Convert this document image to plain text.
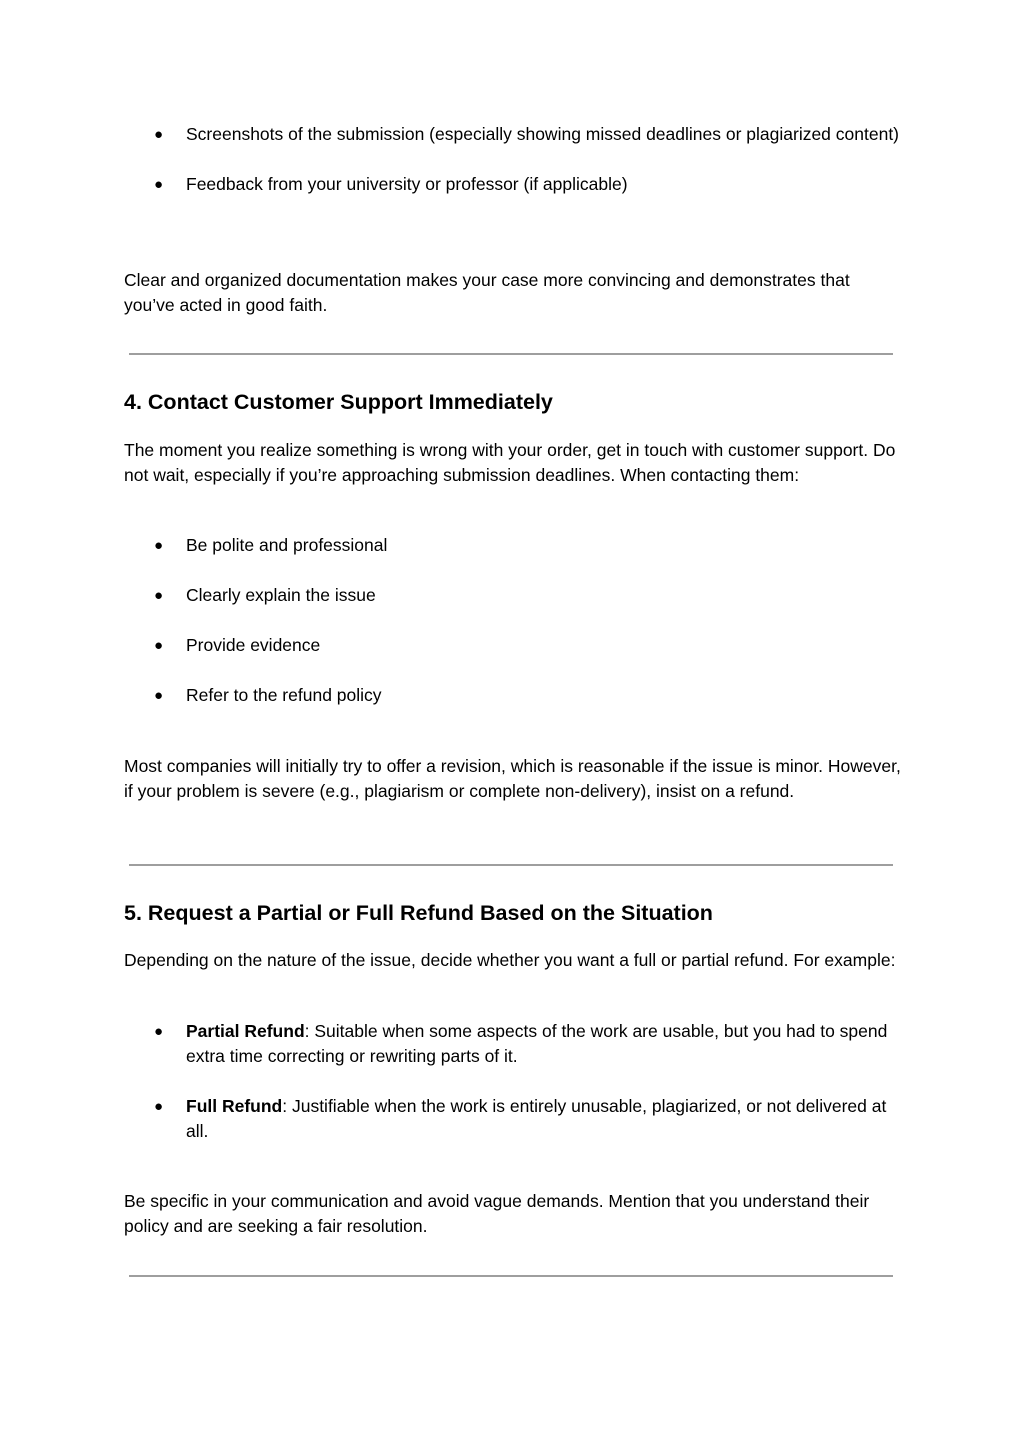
● Screenshots of the submission (especially showing missed deadlines or plagiarized content)
● Feedback from your university or professor (if applicable)

Clear and organized documentation makes your case more convincing and demonstrates that you’ve acted in good faith.

4. Contact Customer Support Immediately

The moment you realize something is wrong with your order, get in touch with customer support. Do not wait, especially if you’re approaching submission deadlines. When contacting them:

● Be polite and professional
● Clearly explain the issue
● Provide evidence
● Refer to the refund policy

Most companies will initially try to offer a revision, which is reasonable if the issue is minor. However, if your problem is severe (e.g., plagiarism or complete non-delivery), insist on a refund.

5. Request a Partial or Full Refund Based on the Situation

Depending on the nature of the issue, decide whether you want a full or partial refund. For example:

● Partial Refund: Suitable when some aspects of the work are usable, but you had to spend extra time correcting or rewriting parts of it.
● Full Refund: Justifiable when the work is entirely unusable, plagiarized, or not delivered at all.

Be specific in your communication and avoid vague demands. Mention that you understand their policy and are seeking a fair resolution.
